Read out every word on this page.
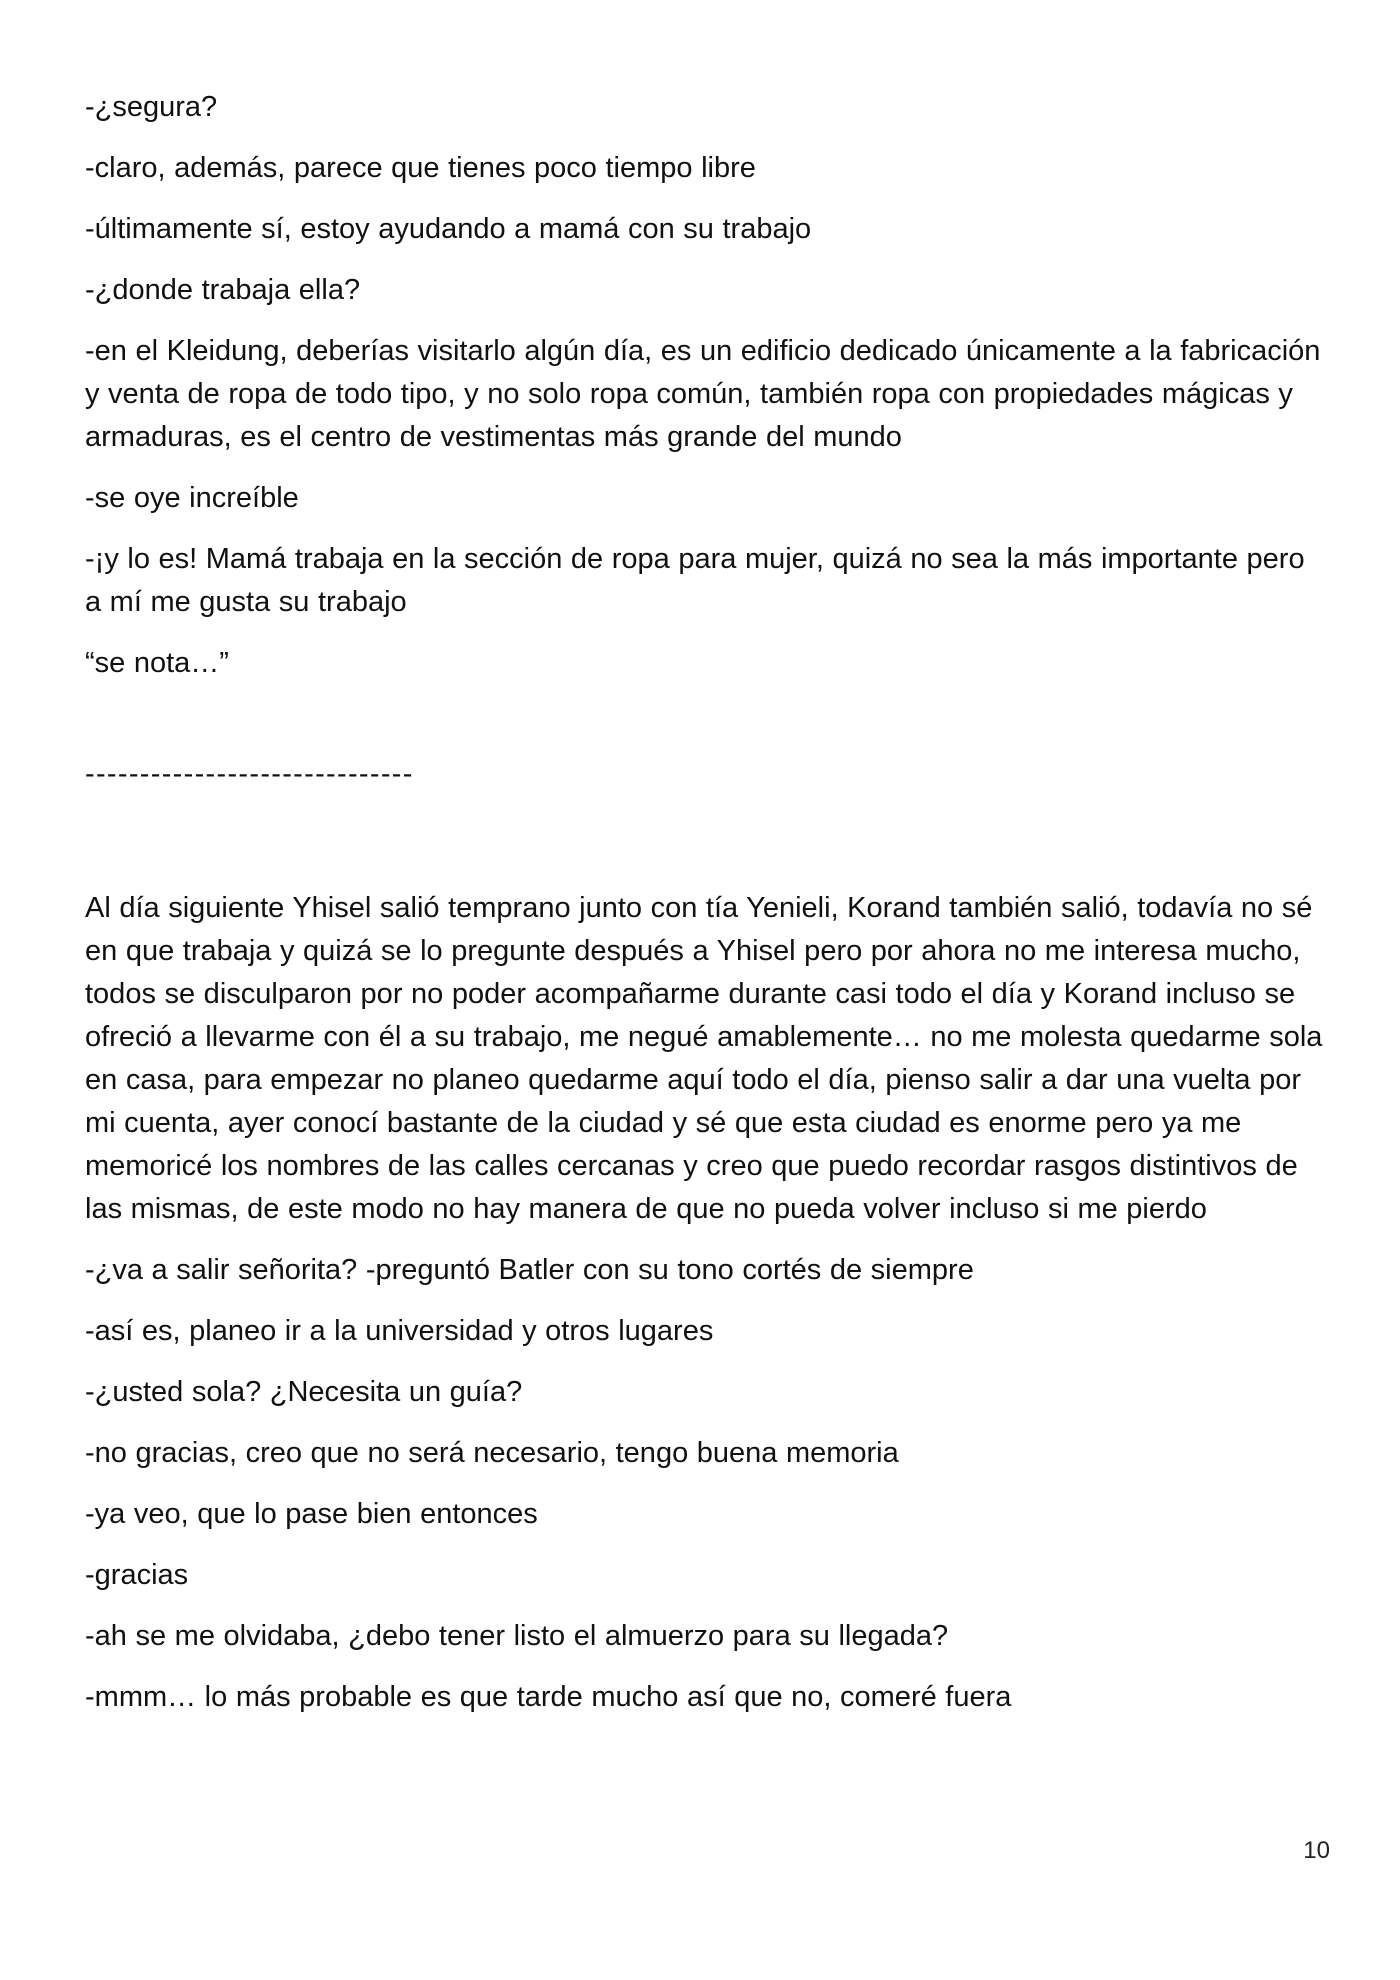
-¿segura?

-claro, además, parece que tienes poco tiempo libre

-últimamente sí, estoy ayudando a mamá con su trabajo

-¿donde trabaja ella?

-en el Kleidung, deberías visitarlo algún día, es un edificio dedicado únicamente a la fabricación y venta de ropa de todo tipo, y no solo ropa común, también ropa con propiedades mágicas y armaduras, es el centro de vestimentas más grande del mundo

-se oye increíble

-¡y lo es! Mamá trabaja en la sección de ropa para mujer, quizá no sea la más importante pero a mí me gusta su trabajo

“se nota…”

------------------------------

Al día siguiente Yhisel salió temprano junto con tía Yenieli, Korand también salió, todavía no sé en que trabaja y quizá se lo pregunte después a Yhisel pero por ahora no me interesa mucho, todos se disculparon por no poder acompañarme durante casi todo el día y Korand incluso se ofreció a llevarme con él a su trabajo, me negué amablemente… no me molesta quedarme sola en casa, para empezar no planeo quedarme aquí todo el día, pienso salir a dar una vuelta por mi cuenta, ayer conocí bastante de la ciudad y sé que esta ciudad es enorme pero ya me memoricé los nombres de las calles cercanas y creo que puedo recordar rasgos distintivos de las mismas, de este modo no hay manera de que no pueda volver incluso si me pierdo

-¿va a salir señorita? -preguntó Batler con su tono cortés de siempre

-así es, planeo ir a la universidad y otros lugares

-¿usted sola? ¿Necesita un guía?

-no gracias, creo que no será necesario, tengo buena memoria

-ya veo, que lo pase bien entonces

-gracias

-ah se me olvidaba, ¿debo tener listo el almuerzo para su llegada?

-mmm… lo más probable es que tarde mucho así que no, comeré fuera

10
